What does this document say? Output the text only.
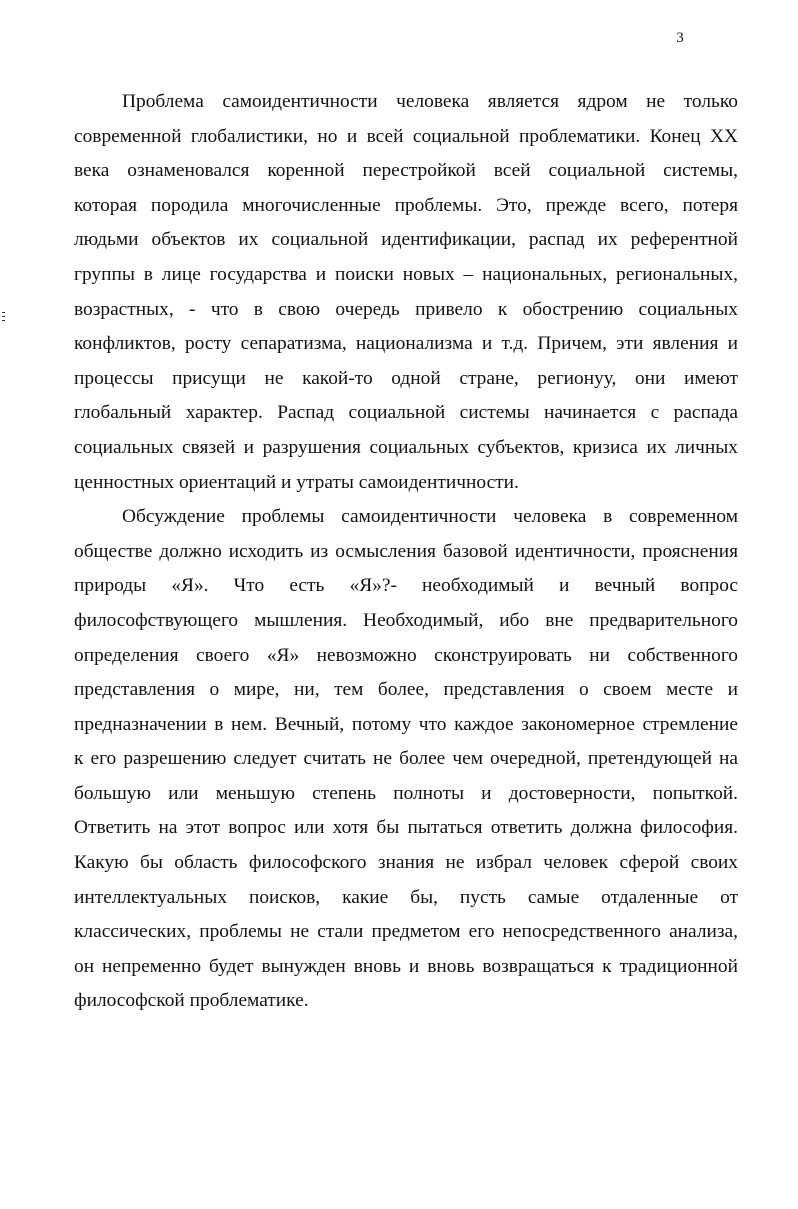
3
Проблема самоидентичности человека является ядром не только
современной глобалистики, но и всей социальной проблематики. Конец XX
века ознаменовался коренной перестройкой всей социальной системы,
которая породила многочисленные проблемы. Это, прежде всего, потеря
людьми объектов их социальной идентификации, распад их референтной
группы в лице государства и поиски новых – национальных, региональных,
возрастных, - что в свою очередь привело к обострению социальных
конфликтов, росту сепаратизма, национализма и т.д. Причем, эти явления и
процессы присущи не какой-то одной стране, регионуу, они имеют
глобальный характер. Распад социальной системы начинается с распада
социальных связей и разрушения социальных субъектов, кризиса их личных
ценностных ориентаций и утраты самоидентичности.
Обсуждение проблемы самоидентичности человека в современном
обществе должно исходить из осмысления базовой идентичности, прояснения
природы «Я». Что есть «Я»?- необходимый и вечный вопрос
философствующего мышления. Необходимый, ибо вне предварительного
определения своего «Я» невозможно сконструировать ни собственного
представления о мире, ни, тем более, представления о своем месте и
предназначении в нем. Вечный, потому что каждое закономерное стремление
к его разрешению следует считать не более чем очередной, претендующей на
большую или меньшую степень полноты и достоверности, попыткой.
Ответить на этот вопрос или хотя бы пытаться ответить должна философия.
Какую бы область философского знания не избрал человек сферой своих
интеллектуальных поисков, какие бы, пусть самые отдаленные от
классических, проблемы не стали предметом его непосредственного анализа,
он непременно будет вынужден вновь и вновь возвращаться к традиционной
философской проблематике.
